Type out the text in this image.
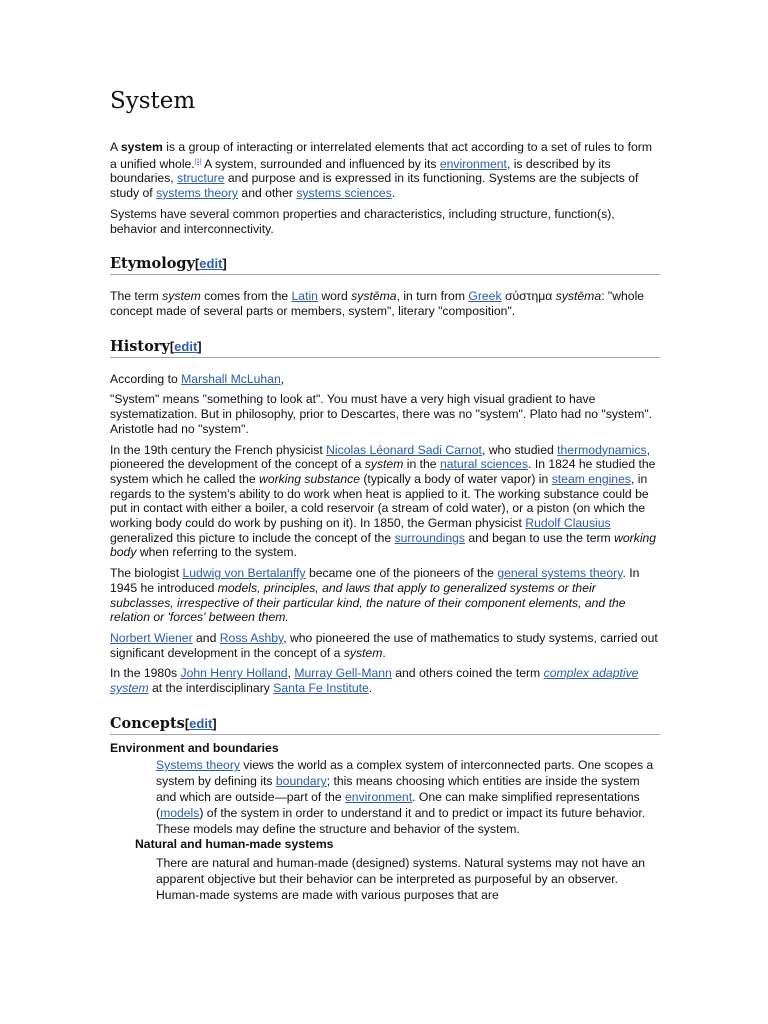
System

A system is a group of interacting or interrelated elements that act according to a set of rules to form a unified whole.[1] A system, surrounded and influenced by its environment, is described by its boundaries, structure and purpose and is expressed in its functioning. Systems are the subjects of study of systems theory and other systems sciences.

Systems have several common properties and characteristics, including structure, function(s), behavior and interconnectivity.

Etymology[edit]

The term system comes from the Latin word systēma, in turn from Greek σύστημα systēma: "whole concept made of several parts or members, system", literary "composition".

History[edit]

According to Marshall McLuhan,

"System" means "something to look at". You must have a very high visual gradient to have systematization. But in philosophy, prior to Descartes, there was no "system". Plato had no "system". Aristotle had no "system".

In the 19th century the French physicist Nicolas Léonard Sadi Carnot, who studied thermodynamics, pioneered the development of the concept of a system in the natural sciences. In 1824 he studied the system which he called the working substance (typically a body of water vapor) in steam engines, in regards to the system's ability to do work when heat is applied to it. The working substance could be put in contact with either a boiler, a cold reservoir (a stream of cold water), or a piston (on which the working body could do work by pushing on it). In 1850, the German physicist Rudolf Clausius generalized this picture to include the concept of the surroundings and began to use the term working body when referring to the system.

The biologist Ludwig von Bertalanffy became one of the pioneers of the general systems theory. In 1945 he introduced models, principles, and laws that apply to generalized systems or their subclasses, irrespective of their particular kind, the nature of their component elements, and the relation or 'forces' between them.

Norbert Wiener and Ross Ashby, who pioneered the use of mathematics to study systems, carried out significant development in the concept of a system.

In the 1980s John Henry Holland, Murray Gell-Mann and others coined the term complex adaptive system at the interdisciplinary Santa Fe Institute.

Concepts[edit]
Environment and boundaries

Systems theory views the world as a complex system of interconnected parts. One scopes a system by defining its boundary; this means choosing which entities are inside the system and which are outside—part of the environment. One can make simplified representations (models) of the system in order to understand it and to predict or impact its future behavior. These models may define the structure and behavior of the system.

Natural and human-made systems

There are natural and human-made (designed) systems. Natural systems may not have an apparent objective but their behavior can be interpreted as purposeful by an observer. Human-made systems are made with various purposes that are
